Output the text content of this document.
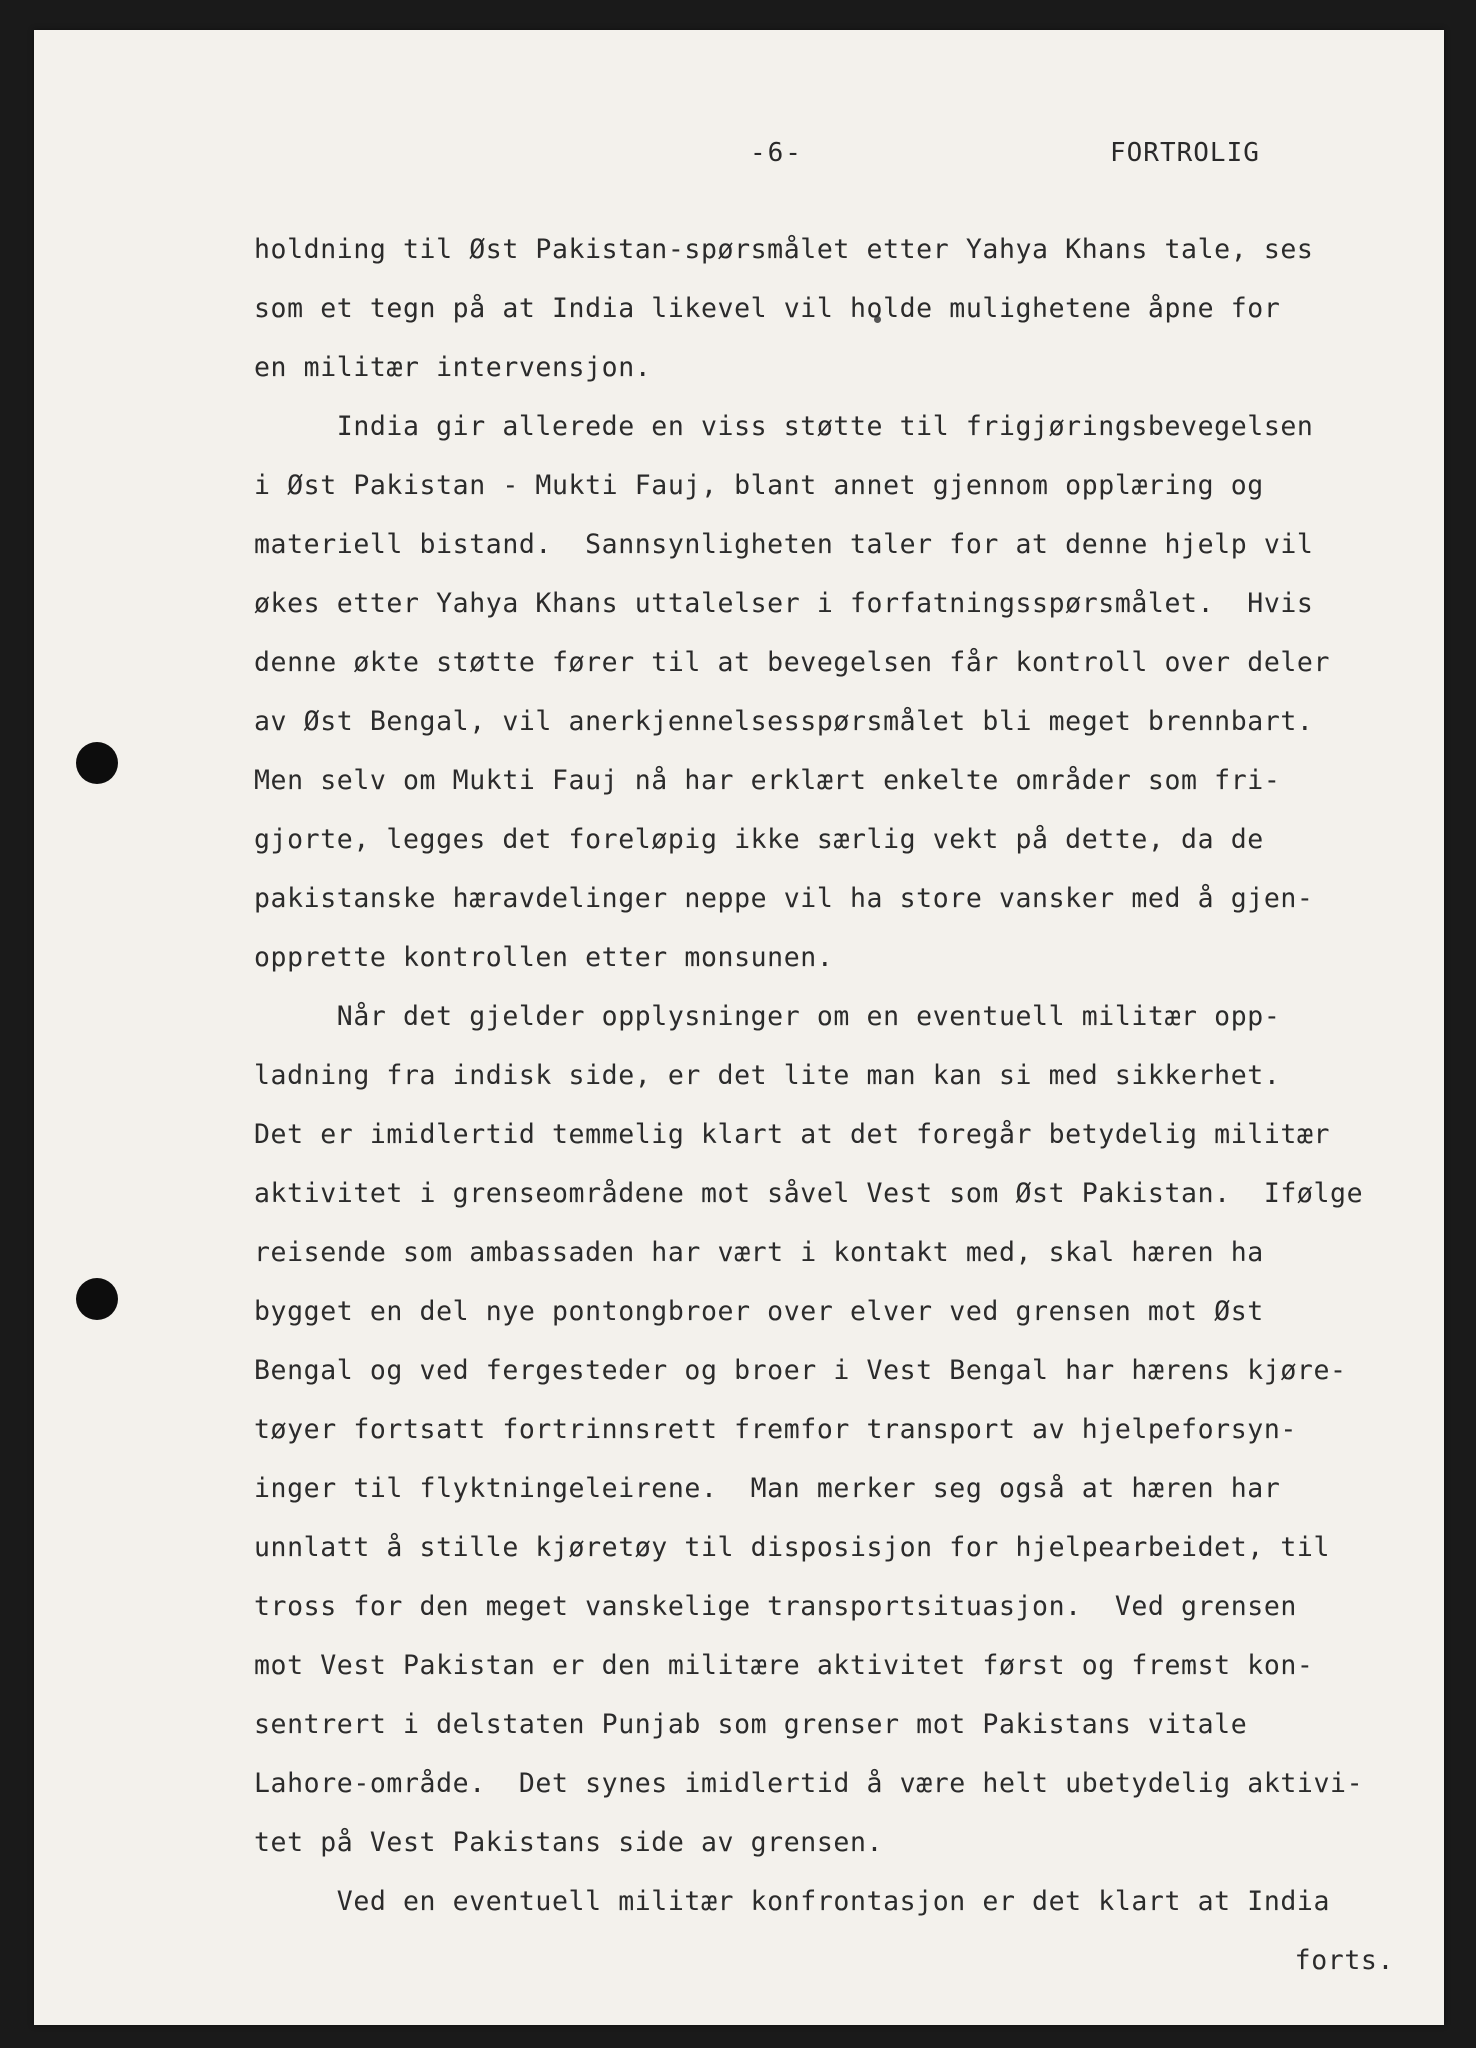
-6-	FORTROLIG
holdning til Øst Pakistan-spørsmålet etter Yahya Khans tale, ses
som et tegn på at India likevel vil holde mulighetene åpne for
en militær intervensjon.
India gir allerede en viss støtte til frigjøringsbevegelsen
i Øst Pakistan - Mukti Fauj, blant annet gjennom opplæring og
materiell bistand.  Sannsynligheten taler for at denne hjelp vil
økes etter Yahya Khans uttalelser i forfatningsspørsmålet.  Hvis
denne økte støtte fører til at bevegelsen får kontroll over deler
av Øst Bengal, vil anerkjennelsesspørsmålet bli meget brennbart.
Men selv om Mukti Fauj nå har erklært enkelte områder som fri-
gjorte, legges det foreløpig ikke særlig vekt på dette, da de
pakistanske hæravdelinger neppe vil ha store vansker med å gjen-
opprette kontrollen etter monsunen.
Når det gjelder opplysninger om en eventuell militær opp-
ladning fra indisk side, er det lite man kan si med sikkerhet.
Det er imidlertid temmelig klart at det foregår betydelig militær
aktivitet i grenseområdene mot såvel Vest som Øst Pakistan.  Ifølge
reisende som ambassaden har vært i kontakt med, skal hæren ha
bygget en del nye pontongbroer over elver ved grensen mot Øst
Bengal og ved fergesteder og broer i Vest Bengal har hærens kjøre-
tøyer fortsatt fortrinnsrett fremfor transport av hjelpeforsyn-
inger til flyktningeleirene.  Man merker seg også at hæren har
unnlatt å stille kjøretøy til disposisjon for hjelpearbeidet, til
tross for den meget vanskelige transportsituasjon.  Ved grensen
mot Vest Pakistan er den militære aktivitet først og fremst kon-
sentrert i delstaten Punjab som grenser mot Pakistans vitale
Lahore-område.  Det synes imidlertid å være helt ubetydelig aktivi-
tet på Vest Pakistans side av grensen.
Ved en eventuell militær konfrontasjon er det klart at India
forts.
